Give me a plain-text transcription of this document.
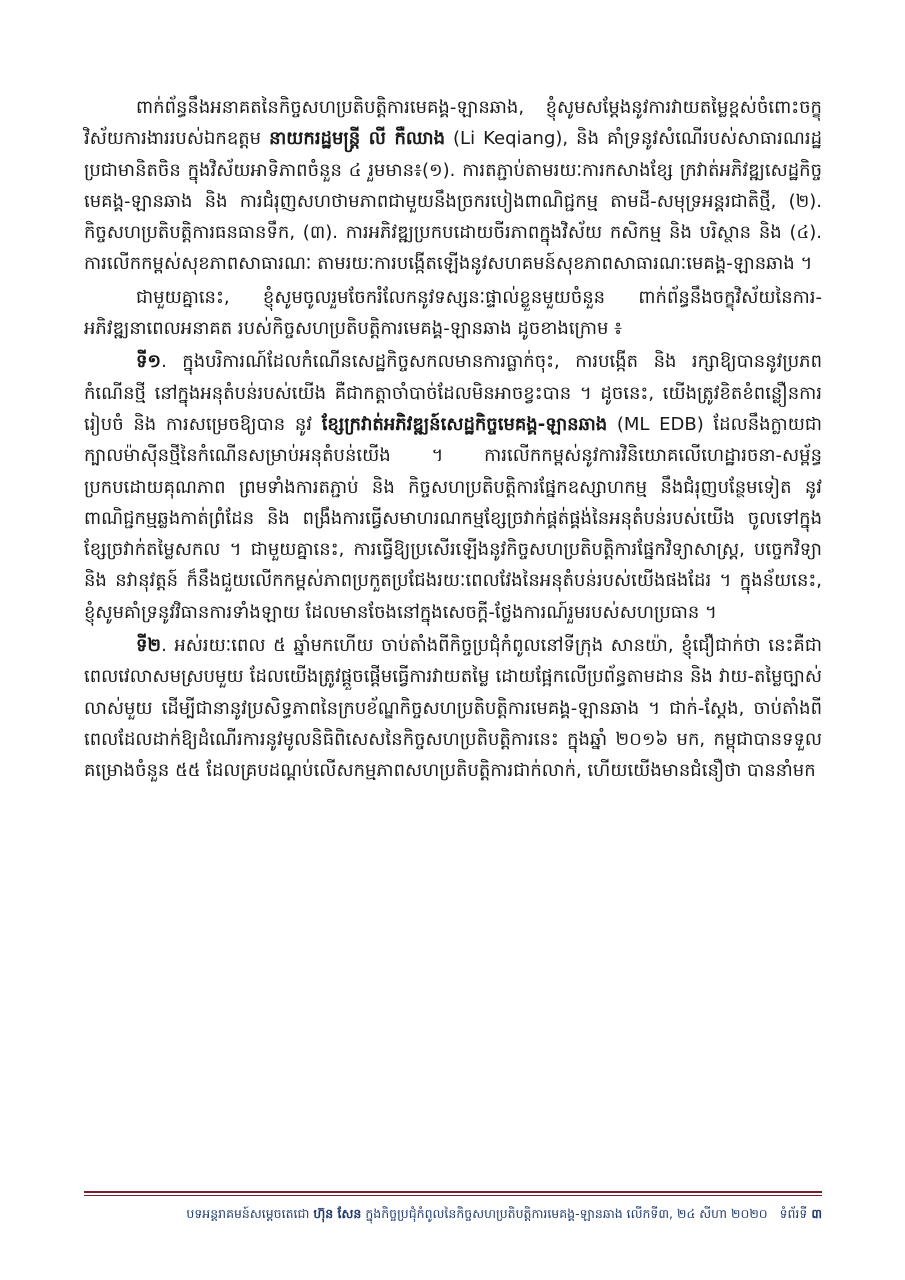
ពាក់ព័ន្ធនឹងអនាគតនៃកិច្ចសហប្រតិបត្តិការមេគង្គ-ឡានឆាង, ខ្ញុំសូមសម្តែងនូវការវាយតម្លៃខ្ពស់ចំពោះចក្ខុវិស័យការងាររបស់ឯកឧត្តម នាយករដ្ឋមន្ត្រី លី កឺឈាង (Li Keqiang), និង គាំទ្រនូវសំណើរបស់សាធារណរដ្ឋប្រជាមានិតចិន ក្នុងវិស័យអាទិភាពចំនួន ៤ រួមមាន៖(១). ការតភ្ជាប់តាមរយៈការកសាងខ្សែ ក្រវាត់អភិវឌ្ឍសេដ្ឋកិច្ចមេគង្គ-ឡានឆាង និង ការជំរុញសហថាមភាពជាមួយនឹងច្រករបៀងពាណិជ្ជកម្ម តាមដី-សមុទ្រអន្តរជាតិថ្មី, (២). កិច្ចសហប្រតិបត្តិការធនធានទឹក, (៣). ការអភិវឌ្ឍប្រកបដោយចីរភាពក្នុងវិស័យ កសិកម្ម និង បរិស្ថាន និង (៤). ការលើកកម្ពស់សុខភាពសាធារណៈ តាមរយៈការបង្កើតឡើងនូវសហគមន៍សុខភាពសាធារណៈមេគង្គ-ឡានឆាង ។

ជាមួយគ្នានេះ, ខ្ញុំសូមចូលរួមចែករំលែកនូវទស្សនៈផ្ទាល់ខ្លួនមួយចំនួន ពាក់ព័ន្ធនឹងចក្ខុវិស័យនៃការ-អភិវឌ្ឍនាពេលអនាគត របស់កិច្ចសហប្រតិបត្តិការមេគង្គ-ឡានឆាង ដូចខាងក្រោម ៖

ទី១. ក្នុងបរិការណ៍ដែលកំណើនសេដ្ឋកិច្ចសកលមានការធ្លាក់ចុះ, ការបង្កើត និង រក្សាឱ្យបាននូវប្រភពកំណើនថ្មី នៅក្នុងអនុតំបន់របស់យើង គឺជាកត្តាចាំបាច់ដែលមិនអាចខ្វះបាន ។ ដូចនេះ, យើងត្រូវខិតខំពន្លឿនការរៀបចំ និង ការសម្រេចឱ្យបាន នូវ ខ្សែក្រវាត់អភិវឌ្ឍន៍សេដ្ឋកិច្ចមេគង្គ-ឡានឆាង (ML EDB) ដែលនឹងក្លាយជាក្បាលម៉ាស៊ីនថ្មីនៃកំណើនសម្រាប់អនុតំបន់យើង ។ ការលើកកម្ពស់នូវការវិនិយោគលើហេដ្ឋារចនា-សម្ព័ន្ធប្រកបដោយគុណភាព ព្រមទាំងការតភ្ជាប់ និង កិច្ចសហប្រតិបត្តិការផ្នែកឧស្សាហកម្ម នឹងជំរុញបន្ថែមទៀត នូវពាណិជ្ជកម្មឆ្លងកាត់ព្រំដែន និង ពង្រឹងការធ្វើសមាហរណកម្មខ្សែច្រវាក់ផ្គត់ផ្គង់នៃអនុតំបន់របស់យើង ចូលទៅក្នុងខ្សែច្រវាក់តម្លៃសកល ។ ជាមួយគ្នានេះ, ការធ្វើឱ្យប្រសើរឡើងនូវកិច្ចសហប្រតិបត្តិការផ្នែកវិទ្យាសាស្រ្ត, បច្ចេកវិទ្យា និង នវានុវត្តន៍ ក៏នឹងជួយលើកកម្ពស់ភាពប្រកួតប្រជែងរយៈពេលវែងនៃអនុតំបន់របស់យើងផងដែរ ។ ក្នុងន័យនេះ, ខ្ញុំសូមគាំទ្រនូវវិធានការទាំងឡាយ ដែលមានចែងនៅក្នុងសេចក្តី-ថ្លែងការណ៍រួមរបស់សហប្រធាន ។

ទី២. អស់រយៈពេល ៥ ឆ្នាំមកហើយ ចាប់តាំងពីកិច្ចប្រជុំកំពូលនៅទីក្រុង សានយ៉ា, ខ្ញុំជឿជាក់ថា នេះគឺជាពេលវេលាសមស្របមួយ ដែលយើងត្រូវផ្តួចផ្តើមធ្វើការវាយតម្លៃ ដោយផ្អែកលើប្រព័ន្ធតាមដាន និង វាយ-តម្លៃច្បាស់លាស់មួយ ដើម្បីជានានូវប្រសិទ្ធភាពនៃក្របខ័ណ្ឌកិច្ចសហប្រតិបត្តិការមេគង្គ-ឡានឆាង ។ ជាក់-ស្តែង, ចាប់តាំងពីពេលដែលដាក់ឱ្យដំណើរការនូវមូលនិធិពិសេសនៃកិច្ចសហប្រតិបត្តិការនេះ ក្នុងឆ្នាំ ២០១៦ មក, កម្ពុជាបានទទួលគម្រោងចំនួន ៥៥ ដែលគ្របដណ្តប់លើសកម្មភាពសហប្រតិបត្តិការជាក់លាក់, ហើយយើងមានជំនឿថា បាននាំមក

បទអន្តរាគមន៍សម្តេចតេជោ ហ៊ុន សែន ក្នុងកិច្ចប្រជុំកំពូលនៃកិច្ចសហប្រតិបត្តិការមេគង្គ-ឡានឆាង លើកទី៣, ២៤ សីហា ២០២០ ទំព័រទី ៣
